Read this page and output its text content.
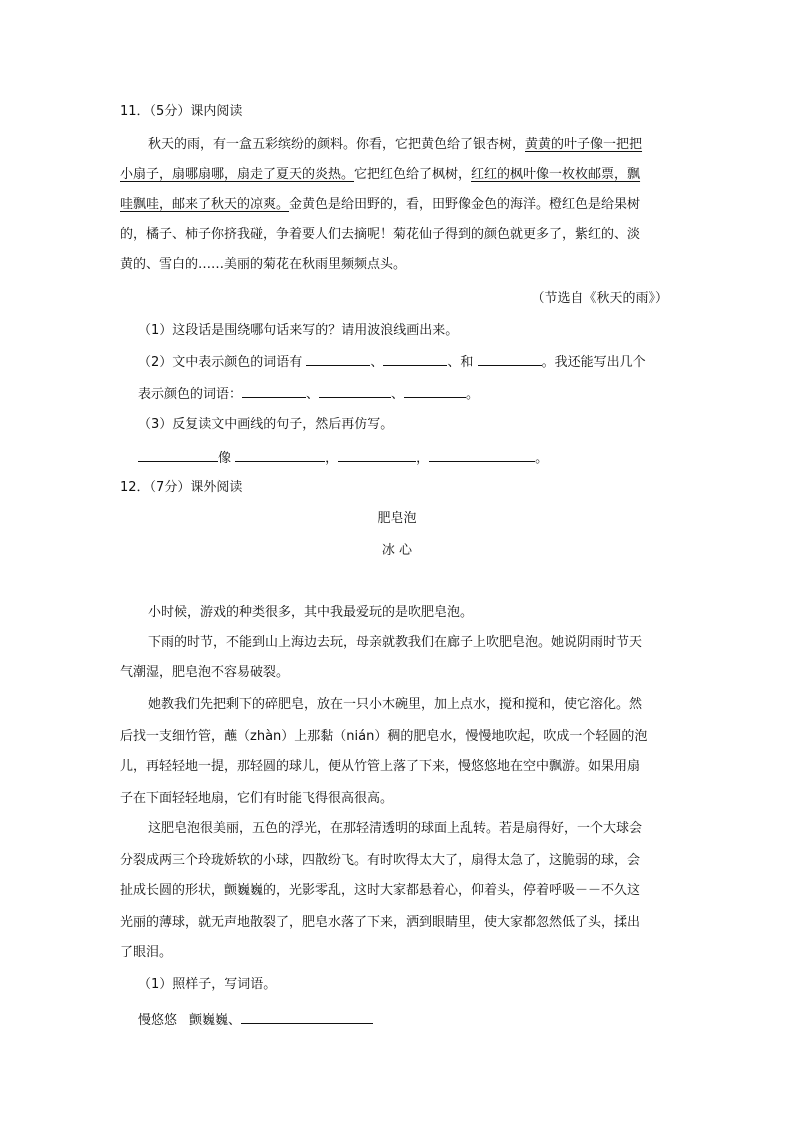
11．（5分）课内阅读
秋天的雨，有一盒五彩缤纷的颜料。你看，它把黄色给了银杏树，黄黄的叶子像一把把
小扇子，扇哪扇哪，扇走了夏天的炎热。它把红色给了枫树，红红的枫叶像一枚枚邮票，飘
哇飘哇，邮来了秋天的凉爽。金黄色是给田野的，看，田野像金色的海洋。橙红色是给果树
的，橘子、柿子你挤我碰，争着要人们去摘呢！菊花仙子得到的颜色就更多了，紫红的、淡
黄的、雪白的……美丽的菊花在秋雨里频频点头。
（节选自《秋天的雨》）
（1）这段话是围绕哪句话来写的？请用波浪线画出来。
（2）文中表示颜色的词语有	、	、和	。我还能写出几个
表示颜色的词语：	、	、	。
（3）反复读文中画线的句子，然后再仿写。
像	，	，	。
12．（7分）课外阅读
肥皂泡
冰 心
小时候，游戏的种类很多，其中我最爱玩的是吹肥皂泡。
下雨的时节，不能到山上海边去玩，母亲就教我们在廊子上吹肥皂泡。她说阴雨时节天
气潮湿，肥皂泡不容易破裂。
她教我们先把剩下的碎肥皂，放在一只小木碗里，加上点水，搅和搅和，使它溶化。然
后找一支细竹管，蘸（zhàn）上那黏（nián）稠的肥皂水，慢慢地吹起，吹成一个轻圆的泡
儿，再轻轻地一提，那轻圆的球儿，便从竹管上落了下来，慢悠悠地在空中飘游。如果用扇
子在下面轻轻地扇，它们有时能飞得很高很高。
这肥皂泡很美丽，五色的浮光，在那轻清透明的球面上乱转。若是扇得好，一个大球会
分裂成两三个玲珑娇软的小球，四散纷飞。有时吹得太大了，扇得太急了，这脆弱的球，会
扯成长圆的形状，颤巍巍的，光影零乱，这时大家都悬着心，仰着头，停着呼吸－－不久这
光丽的薄球，就无声地散裂了，肥皂水落了下来，洒到眼睛里，使大家都忽然低了头，揉出
了眼泪。
（1）照样子，写词语。
慢悠悠 颤巍巍、
